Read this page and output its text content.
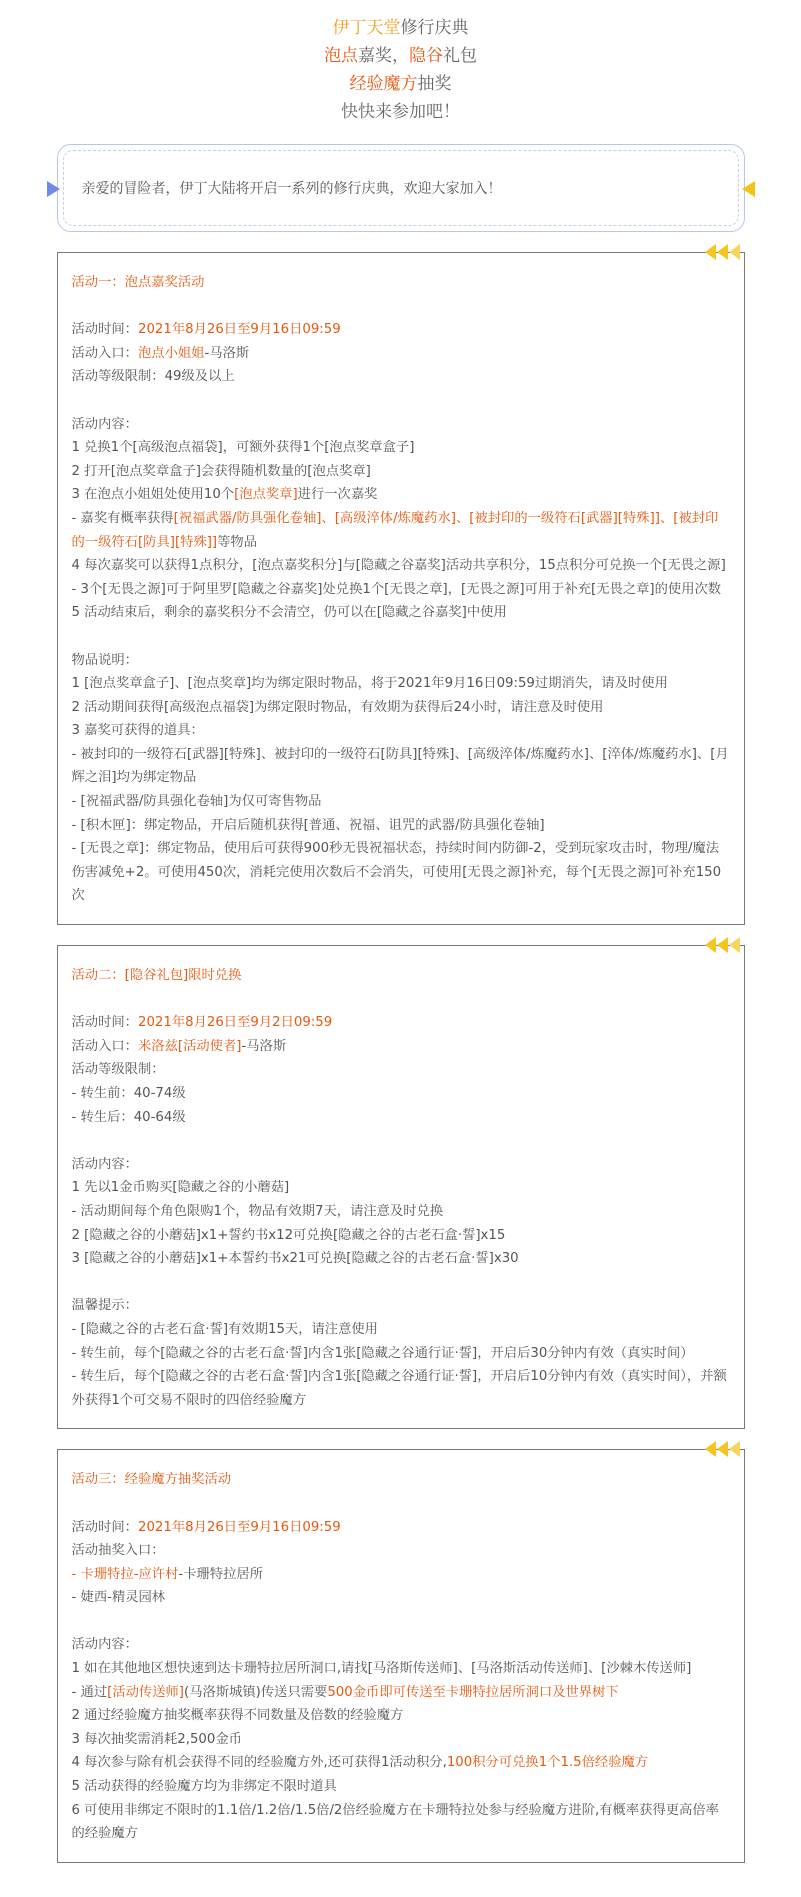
伊丁天堂修行庆典
泡点嘉奖，隐谷礼包
经验魔方抽奖
快快来参加吧！
亲爱的冒险者，伊丁大陆将开启一系列的修行庆典，欢迎大家加入！

活动一：泡点嘉奖活动

活动时间：2021年8月26日至9月16日09:59

活动入口：泡点小姐姐-马洛斯

活动等级限制：49级及以上

活动内容：

1 兑换1个[高级泡点福袋]，可额外获得1个[泡点奖章盒子]

2 打开[泡点奖章盒子]会获得随机数量的[泡点奖章]

3 在泡点小姐姐处使用10个[泡点奖章]进行一次嘉奖

- 嘉奖有概率获得[祝福武器/防具强化卷轴]、[高级淬体/炼魔药水]、[被封印的一级符石[武器][特殊]]、[被封印的一级符石[防具][特殊]]等物品

4 每次嘉奖可以获得1点积分，[泡点嘉奖积分]与[隐藏之谷嘉奖]活动共享积分，15点积分可兑换一个[无畏之源]

- 3个[无畏之源]可于阿里罗[隐藏之谷嘉奖]处兑换1个[无畏之章]，[无畏之源]可用于补充[无畏之章]的使用次数

5 活动结束后，剩余的嘉奖积分不会清空，仍可以在[隐藏之谷嘉奖]中使用

物品说明：

1 [泡点奖章盒子]、[泡点奖章]均为绑定限时物品，将于2021年9月16日09:59过期消失，请及时使用

2 活动期间获得[高级泡点福袋]为绑定限时物品，有效期为获得后24小时，请注意及时使用

3 嘉奖可获得的道具：

- 被封印的一级符石[武器][特殊]、被封印的一级符石[防具][特殊]、[高级淬体/炼魔药水]、[淬体/炼魔药水]、[月辉之泪]均为绑定物品

- [祝福武器/防具强化卷轴]为仅可寄售物品

- [积木匣]：绑定物品，开启后随机获得[普通、祝福、诅咒的武器/防具强化卷轴]

- [无畏之章]：绑定物品，使用后可获得900秒无畏祝福状态，持续时间内防御-2，受到玩家攻击时，物理/魔法伤害减免+2。可使用450次，消耗完使用次数后不会消失，可使用[无畏之源]补充，每个[无畏之源]可补充150次

活动二：[隐谷礼包]限时兑换

活动时间：2021年8月26日至9月2日09:59

活动入口：米洛兹[活动使者]-马洛斯

活动等级限制：

- 转生前：40-74级

- 转生后：40-64级

活动内容：

1 先以1金币购买[隐藏之谷的小蘑菇]

- 活动期间每个角色限购1个，物品有效期7天，请注意及时兑换

2 [隐藏之谷的小蘑菇]x1+誓约书x12可兑换[隐藏之谷的古老石盒·誓]x15

3 [隐藏之谷的小蘑菇]x1+本誓约书x21可兑换[隐藏之谷的古老石盒·誓]x30

温馨提示：

- [隐藏之谷的古老石盒·誓]有效期15天，请注意使用

- 转生前，每个[隐藏之谷的古老石盒·誓]内含1张[隐藏之谷通行证·誓]，开启后30分钟内有效（真实时间）

- 转生后，每个[隐藏之谷的古老石盒·誓]内含1张[隐藏之谷通行证·誓]，开启后10分钟内有效（真实时间），并额外获得1个可交易不限时的四倍经验魔方

活动三：经验魔方抽奖活动

活动时间：2021年8月26日至9月16日09:59

活动抽奖入口：

- 卡珊特拉-应许村-卡珊特拉居所

- 婕西-精灵园林

活动内容：

1 如在其他地区想快速到达卡珊特拉居所洞口,请找[马洛斯传送师]、[马洛斯活动传送师]、[沙棘木传送师]

- 通过[活动传送师](马洛斯城镇)传送只需要500金币即可传送至卡珊特拉居所洞口及世界树下

2 通过经验魔方抽奖概率获得不同数量及倍数的经验魔方

3 每次抽奖需消耗2,500金币

4 每次参与除有机会获得不同的经验魔方外,还可获得1活动积分,100积分可兑换1个1.5倍经验魔方

5 活动获得的经验魔方均为非绑定不限时道具

6 可使用非绑定不限时的1.1倍/1.2倍/1.5倍/2倍经验魔方在卡珊特拉处参与经验魔方进阶,有概率获得更高倍率的经验魔方
